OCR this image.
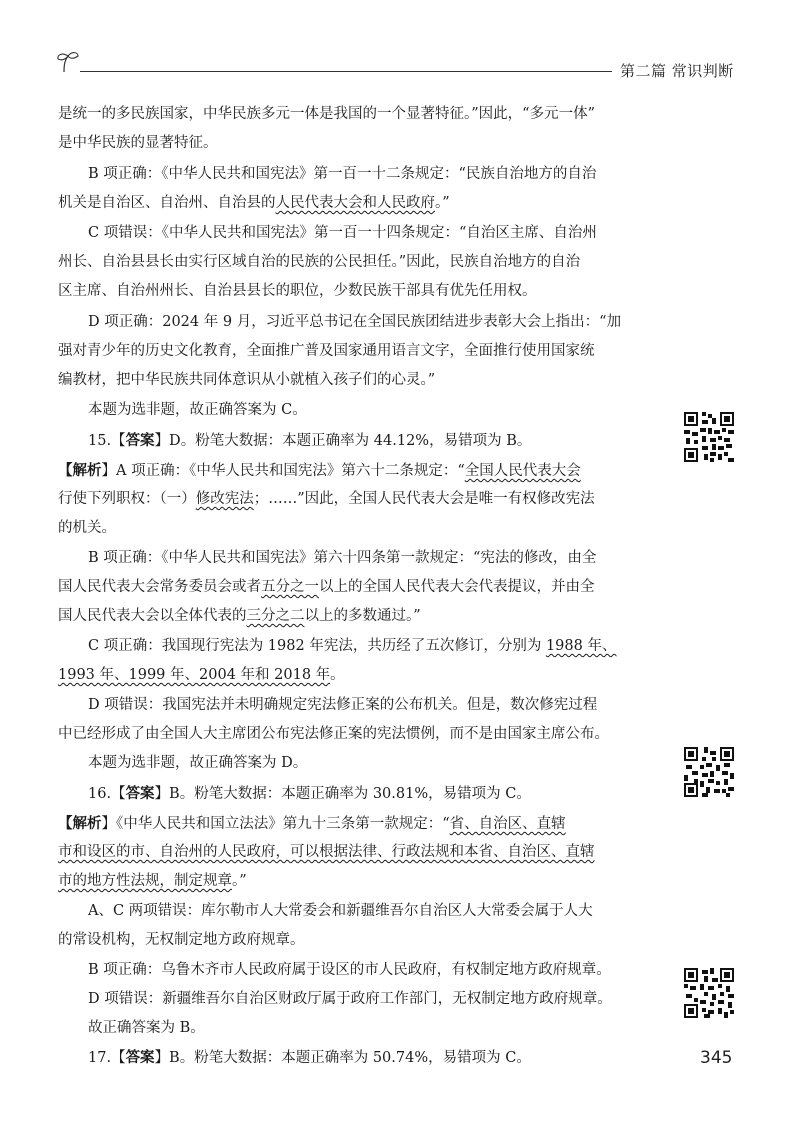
第二篇 常识判断

是统一的多民族国家，中华民族多元一体是我国的一个显著特征。”因此，“多元一体”

是中华民族的显著特征。

B 项正确：《中华人民共和国宪法》第一百一十二条规定：“民族自治地方的自治

机关是自治区、自治州、自治县的人民代表大会和人民政府。”

C 项错误：《中华人民共和国宪法》第一百一十四条规定：“自治区主席、自治州

州长、自治县县长由实行区域自治的民族的公民担任。”因此，民族自治地方的自治

区主席、自治州州长、自治县县长的职位，少数民族干部具有优先任用权。

D 项正确：2024 年 9 月，习近平总书记在全国民族团结进步表彰大会上指出：“加

强对青少年的历史文化教育，全面推广普及国家通用语言文字，全面推行使用国家统

编教材，把中华民族共同体意识从小就植入孩子们的心灵。”

本题为选非题，故正确答案为 C。

15.【答案】D。粉笔大数据：本题正确率为 44.12%，易错项为 B。

【解析】A 项正确：《中华人民共和国宪法》第六十二条规定：“全国人民代表大会

行使下列职权：（一）修改宪法；……”因此，全国人民代表大会是唯一有权修改宪法

的机关。

B 项正确：《中华人民共和国宪法》第六十四条第一款规定：“宪法的修改，由全

国人民代表大会常务委员会或者五分之一以上的全国人民代表大会代表提议，并由全

国人民代表大会以全体代表的三分之二以上的多数通过。”

C 项正确：我国现行宪法为 1982 年宪法，共历经了五次修订，分别为 1988 年、

1993 年、1999 年、2004 年和 2018 年。

D 项错误：我国宪法并未明确规定宪法修正案的公布机关。但是，数次修宪过程

中已经形成了由全国人大主席团公布宪法修正案的宪法惯例，而不是由国家主席公布。

本题为选非题，故正确答案为 D。

16.【答案】B。粉笔大数据：本题正确率为 30.81%，易错项为 C。

【解析】《中华人民共和国立法法》第九十三条第一款规定：“省、自治区、直辖

市和设区的市、自治州的人民政府，可以根据法律、行政法规和本省、自治区、直辖

市的地方性法规，制定规章。”

A、C 两项错误：库尔勒市人大常委会和新疆维吾尔自治区人大常委会属于人大

的常设机构，无权制定地方政府规章。

B 项正确：乌鲁木齐市人民政府属于设区的市人民政府，有权制定地方政府规章。

D 项错误：新疆维吾尔自治区财政厅属于政府工作部门，无权制定地方政府规章。

故正确答案为 B。

17.【答案】B。粉笔大数据：本题正确率为 50.74%，易错项为 C。	345
